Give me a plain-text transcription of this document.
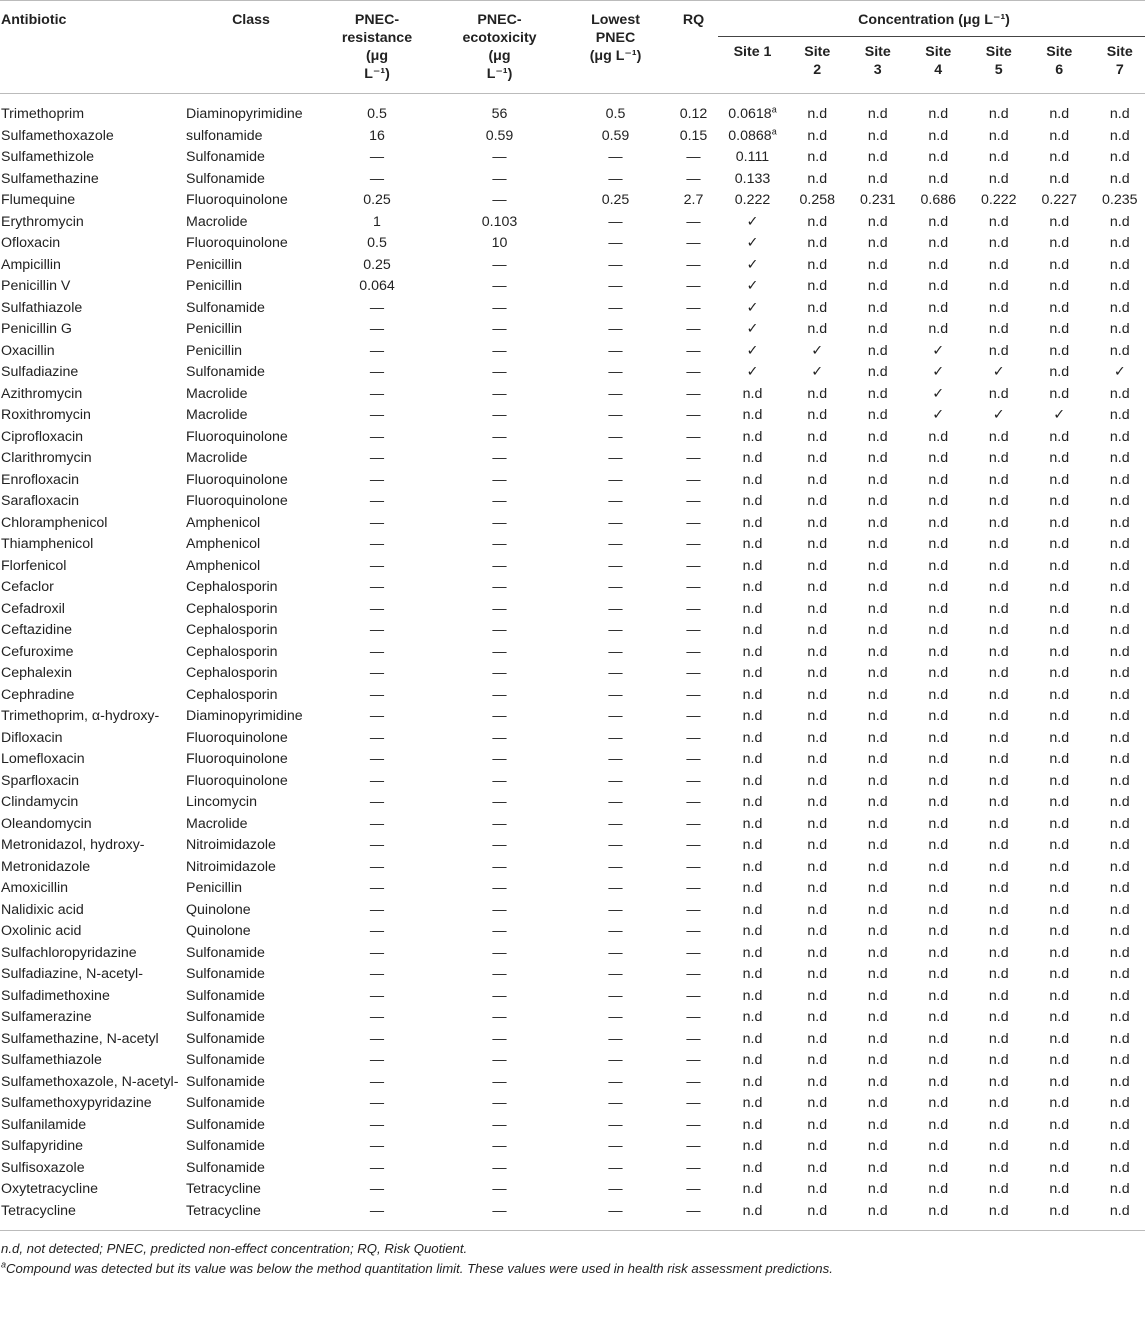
Antibiotic	Class	PNEC-
resistance
(μg
L⁻¹)	PNEC-
ecotoxicity
(μg
L⁻¹)	Lowest
PNEC
(μg L⁻¹)	RQ	Concentration (μg L⁻¹)						
						Site 1	Site
2	Site
3	Site
4	Site
5	Site
6	Site
7
Trimethoprim	Diaminopyrimidine	0.5	56	0.5	0.12	0.0618$^a$	n.d	n.d	n.d	n.d	n.d	n.d
Sulfamethoxazole	sulfonamide	16	0.59	0.59	0.15	0.0868$^a$	n.d	n.d	n.d	n.d	n.d	n.d
Sulfamethizole	Sulfonamide	—	—	—	—	0.111	n.d	n.d	n.d	n.d	n.d	n.d
Sulfamethazine	Sulfonamide	—	—	—	—	0.133	n.d	n.d	n.d	n.d	n.d	n.d
Flumequine	Fluoroquinolone	0.25	—	0.25	2.7	0.222	0.258	0.231	0.686	0.222	0.227	0.235
Erythromycin	Macrolide	1	0.103	—	—	✓	n.d	n.d	n.d	n.d	n.d	n.d
Ofloxacin	Fluoroquinolone	0.5	10	—	—	✓	n.d	n.d	n.d	n.d	n.d	n.d
Ampicillin	Penicillin	0.25	—	—	—	✓	n.d	n.d	n.d	n.d	n.d	n.d
Penicillin V	Penicillin	0.064	—	—	—	✓	n.d	n.d	n.d	n.d	n.d	n.d
Sulfathiazole	Sulfonamide	—	—	—	—	✓	n.d	n.d	n.d	n.d	n.d	n.d
Penicillin G	Penicillin	—	—	—	—	✓	n.d	n.d	n.d	n.d	n.d	n.d
Oxacillin	Penicillin	—	—	—	—	✓	✓	n.d	✓	n.d	n.d	n.d
Sulfadiazine	Sulfonamide	—	—	—	—	✓	✓	n.d	✓	✓	n.d	✓
Azithromycin	Macrolide	—	—	—	—	n.d	n.d	n.d	✓	n.d	n.d	n.d
Roxithromycin	Macrolide	—	—	—	—	n.d	n.d	n.d	✓	✓	✓	n.d
Ciprofloxacin	Fluoroquinolone	—	—	—	—	n.d	n.d	n.d	n.d	n.d	n.d	n.d
Clarithromycin	Macrolide	—	—	—	—	n.d	n.d	n.d	n.d	n.d	n.d	n.d
Enrofloxacin	Fluoroquinolone	—	—	—	—	n.d	n.d	n.d	n.d	n.d	n.d	n.d
Sarafloxacin	Fluoroquinolone	—	—	—	—	n.d	n.d	n.d	n.d	n.d	n.d	n.d
Chloramphenicol	Amphenicol	—	—	—	—	n.d	n.d	n.d	n.d	n.d	n.d	n.d
Thiamphenicol	Amphenicol	—	—	—	—	n.d	n.d	n.d	n.d	n.d	n.d	n.d
Florfenicol	Amphenicol	—	—	—	—	n.d	n.d	n.d	n.d	n.d	n.d	n.d
Cefaclor	Cephalosporin	—	—	—	—	n.d	n.d	n.d	n.d	n.d	n.d	n.d
Cefadroxil	Cephalosporin	—	—	—	—	n.d	n.d	n.d	n.d	n.d	n.d	n.d
Ceftazidine	Cephalosporin	—	—	—	—	n.d	n.d	n.d	n.d	n.d	n.d	n.d
Cefuroxime	Cephalosporin	—	—	—	—	n.d	n.d	n.d	n.d	n.d	n.d	n.d
Cephalexin	Cephalosporin	—	—	—	—	n.d	n.d	n.d	n.d	n.d	n.d	n.d
Cephradine	Cephalosporin	—	—	—	—	n.d	n.d	n.d	n.d	n.d	n.d	n.d
Trimethoprim, α-hydroxy-	Diaminopyrimidine	—	—	—	—	n.d	n.d	n.d	n.d	n.d	n.d	n.d
Difloxacin	Fluoroquinolone	—	—	—	—	n.d	n.d	n.d	n.d	n.d	n.d	n.d
Lomefloxacin	Fluoroquinolone	—	—	—	—	n.d	n.d	n.d	n.d	n.d	n.d	n.d
Sparfloxacin	Fluoroquinolone	—	—	—	—	n.d	n.d	n.d	n.d	n.d	n.d	n.d
Clindamycin	Lincomycin	—	—	—	—	n.d	n.d	n.d	n.d	n.d	n.d	n.d
Oleandomycin	Macrolide	—	—	—	—	n.d	n.d	n.d	n.d	n.d	n.d	n.d
Metronidazol, hydroxy-	Nitroimidazole	—	—	—	—	n.d	n.d	n.d	n.d	n.d	n.d	n.d
Metronidazole	Nitroimidazole	—	—	—	—	n.d	n.d	n.d	n.d	n.d	n.d	n.d
Amoxicillin	Penicillin	—	—	—	—	n.d	n.d	n.d	n.d	n.d	n.d	n.d
Nalidixic acid	Quinolone	—	—	—	—	n.d	n.d	n.d	n.d	n.d	n.d	n.d
Oxolinic acid	Quinolone	—	—	—	—	n.d	n.d	n.d	n.d	n.d	n.d	n.d
Sulfachloropyridazine	Sulfonamide	—	—	—	—	n.d	n.d	n.d	n.d	n.d	n.d	n.d
Sulfadiazine, N-acetyl-	Sulfonamide	—	—	—	—	n.d	n.d	n.d	n.d	n.d	n.d	n.d
Sulfadimethoxine	Sulfonamide	—	—	—	—	n.d	n.d	n.d	n.d	n.d	n.d	n.d
Sulfamerazine	Sulfonamide	—	—	—	—	n.d	n.d	n.d	n.d	n.d	n.d	n.d
Sulfamethazine, N-acetyl	Sulfonamide	—	—	—	—	n.d	n.d	n.d	n.d	n.d	n.d	n.d
Sulfamethiazole	Sulfonamide	—	—	—	—	n.d	n.d	n.d	n.d	n.d	n.d	n.d
Sulfamethoxazole, N-acetyl-	Sulfonamide	—	—	—	—	n.d	n.d	n.d	n.d	n.d	n.d	n.d
Sulfamethoxypyridazine	Sulfonamide	—	—	—	—	n.d	n.d	n.d	n.d	n.d	n.d	n.d
Sulfanilamide	Sulfonamide	—	—	—	—	n.d	n.d	n.d	n.d	n.d	n.d	n.d
Sulfapyridine	Sulfonamide	—	—	—	—	n.d	n.d	n.d	n.d	n.d	n.d	n.d
Sulfisoxazole	Sulfonamide	—	—	—	—	n.d	n.d	n.d	n.d	n.d	n.d	n.d
Oxytetracycline	Tetracycline	—	—	—	—	n.d	n.d	n.d	n.d	n.d	n.d	n.d
Tetracycline	Tetracycline	—	—	—	—	n.d	n.d	n.d	n.d	n.d	n.d	n.d
n.d, not detected; PNEC, predicted non-effect concentration; RQ, Risk Quotient.
$^a$Compound was detected but its value was below the method quantitation limit. These values were used in health risk assessment predictions.
